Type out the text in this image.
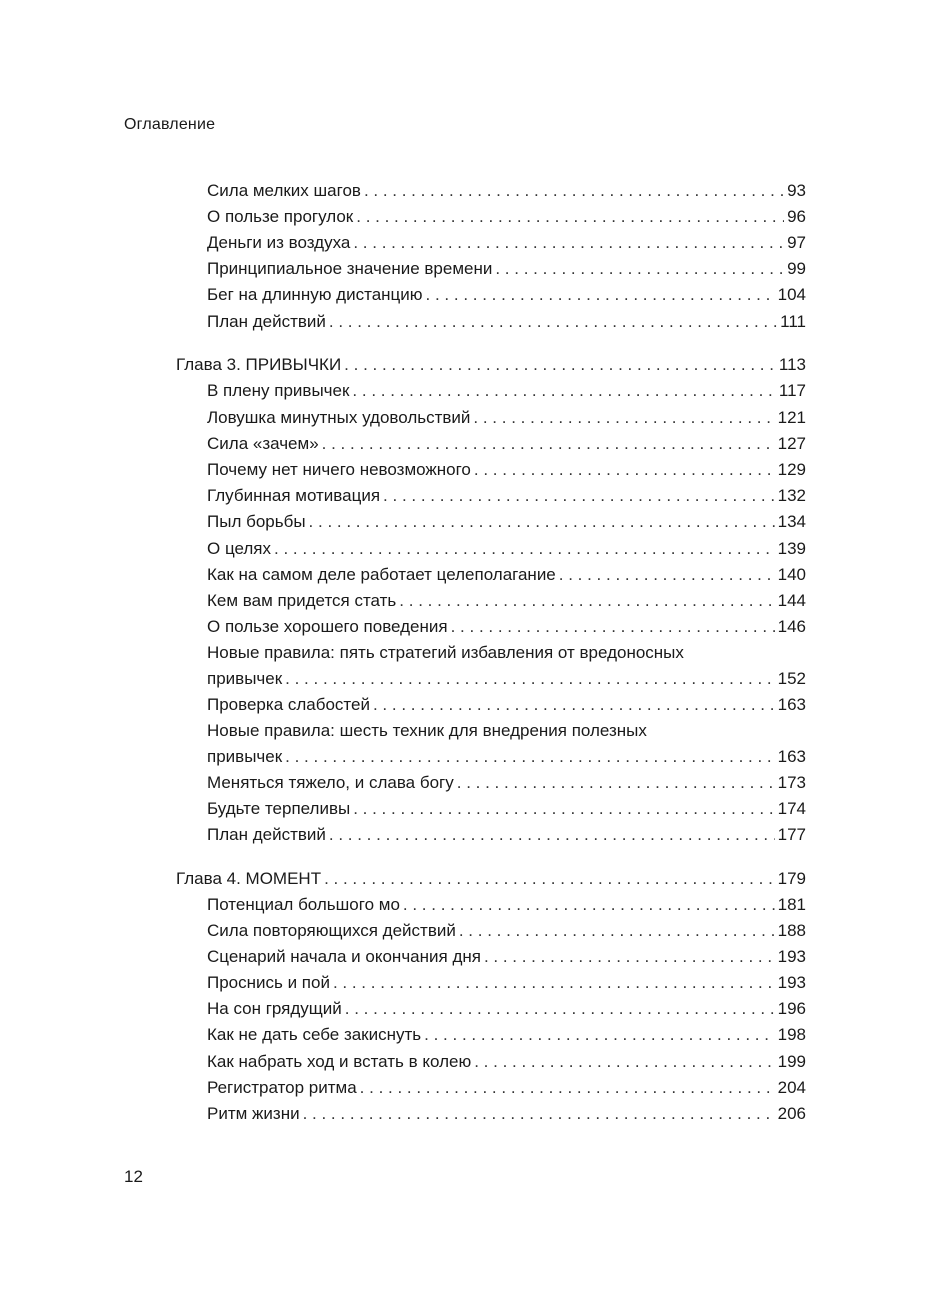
Оглавление
Сила мелких шагов . . .	93
О пользе прогулок . . .	96
Деньги из воздуха . . .	97
Принципиальное значение времени . . .	99
Бег на длинную дистанцию . . .	104
План действий . . .	111
Глава 3. ПРИВЫЧКИ . . .	113
В плену привычек . . .	117
Ловушка минутных удовольствий . . .	121
Сила «зачем» . . .	127
Почему нет ничего невозможного . . .	129
Глубинная мотивация . . .	132
Пыл борьбы . . .	134
О целях . . .	139
Как на самом деле работает целеполагание . . .	140
Кем вам придется стать . . .	144
О пользе хорошего поведения . . .	146
Новые правила: пять стратегий избавления от вредоносных
привычек . . .	152
Проверка слабостей . . .	163
Новые правила: шесть техник для внедрения полезных
привычек . . .	163
Меняться тяжело, и слава богу . . .	173
Будьте терпеливы . . .	174
План действий . . .	177
Глава 4. МОМЕНТ . . .	179
Потенциал большого мо . . .	181
Сила повторяющихся действий . . .	188
Сценарий начала и окончания дня . . .	193
Проснись и пой . . .	193
На сон грядущий . . .	196
Как не дать себе закиснуть . . .	198
Как набрать ход и встать в колею . . .	199
Регистратор ритма . . .	204
Ритм жизни . . .	206
12
